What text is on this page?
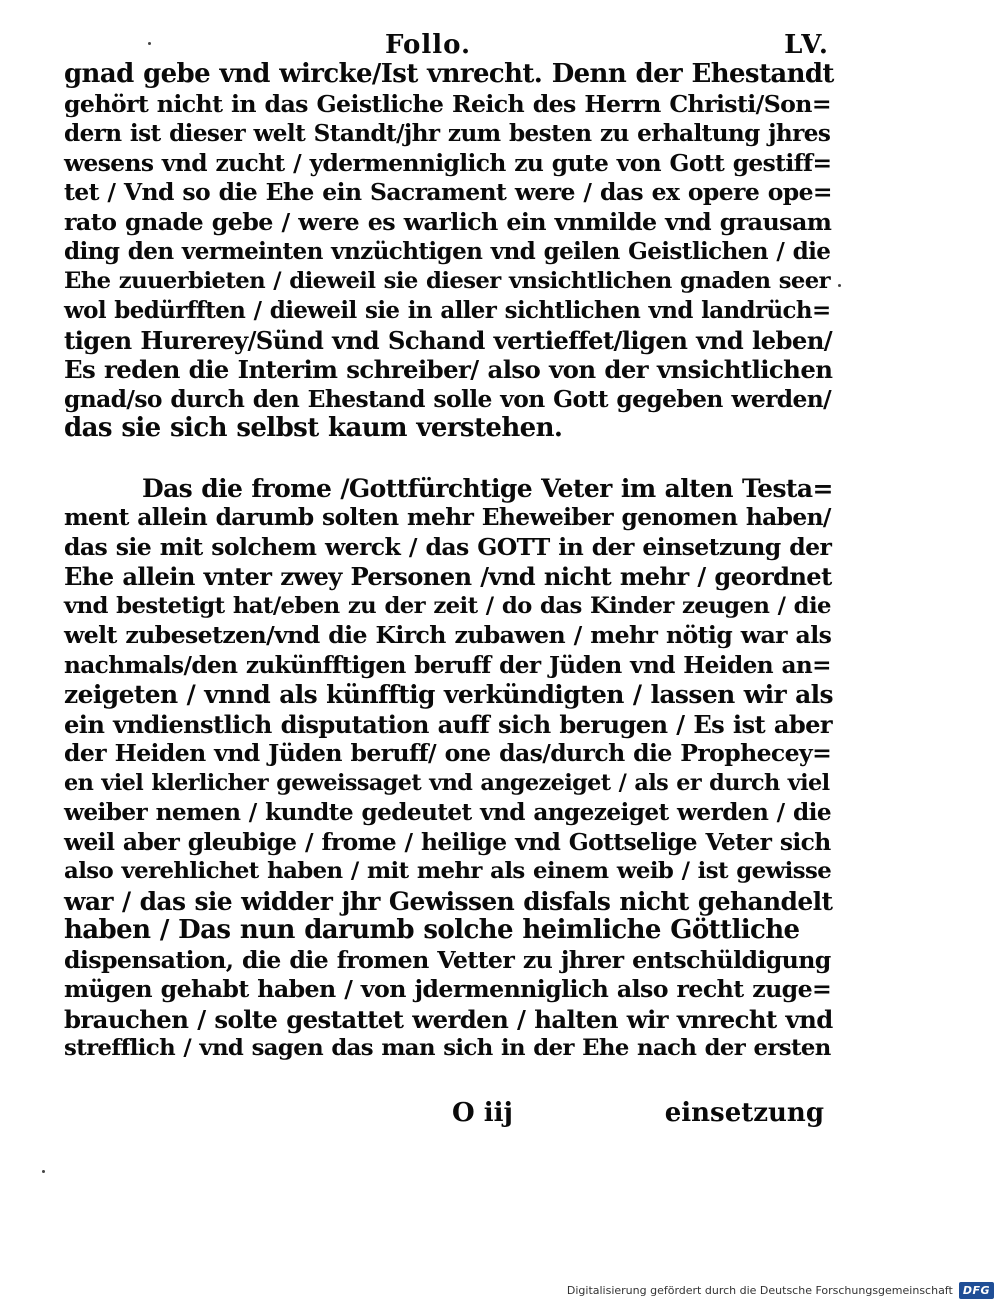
Follo.	LV.

gnad gebe vnd wircke/Ist vnrecht. Denn der Ehestandt
gehört nicht in das Geistliche Reich des Herrn Christi/Son=
dern ist dieser welt Standt/jhr zum besten zu erhaltung jhres
wesens vnd zucht / ydermenniglich zu gute von Gott gestiff=
tet / Vnd so die Ehe ein Sacrament were / das ex opere ope=
rato gnade gebe / were es warlich ein vnmilde vnd grausam
ding den vermeinten vnzüchtigen vnd geilen Geistlichen / die
Ehe zuuerbieten / dieweil sie dieser vnsichtlichen gnaden seer
wol bedürfften / dieweil sie in aller sichtlichen vnd landrüch=
tigen Hurerey/Sünd vnd Schand vertieffet/ligen vnd leben/
Es reden die Interim schreiber/ also von der vnsichtlichen
gnad/so durch den Ehestand solle von Gott gegeben werden/
das sie sich selbst kaum verstehen.

Das die frome /Gottfürchtige Veter im alten Testa=
ment allein darumb solten mehr Eheweiber genomen haben/
das sie mit solchem werck / das GOTT in der einsetzung der
Ehe allein vnter zwey Personen /vnd nicht mehr / geordnet
vnd bestetigt hat/eben zu der zeit / do das Kinder zeugen / die
welt zubesetzen/vnd die Kirch zubawen / mehr nötig war als
nachmals/den zukünfftigen beruff der Jüden vnd Heiden an=
zeigeten / vnnd als künfftig verkündigten / lassen wir als
ein vndienstlich disputation auff sich berugen / Es ist aber
der Heiden vnd Jüden beruff/ one das/durch die Prophecey=
en viel klerlicher geweissaget vnd angezeiget / als er durch viel
weiber nemen / kundte gedeutet vnd angezeiget werden / die
weil aber gleubige / frome / heilige vnd Gottselige Veter sich
also verehlichet haben / mit mehr als einem weib / ist gewisse
war / das sie widder jhr Gewissen disfals nicht gehandelt
haben / Das nun darumb solche heimliche Göttliche
dispensation, die die fromen Vetter zu jhrer entschüldigung
mügen gehabt haben / von jdermenniglich also recht zuge=
brauchen / solte gestattet werden / halten wir vnrecht vnd
strefflich / vnd sagen das man sich in der Ehe nach der ersten

O iij	einsetzung
Digitalisierung gefördert durch die Deutsche Forschungsgemeinschaft DFG
